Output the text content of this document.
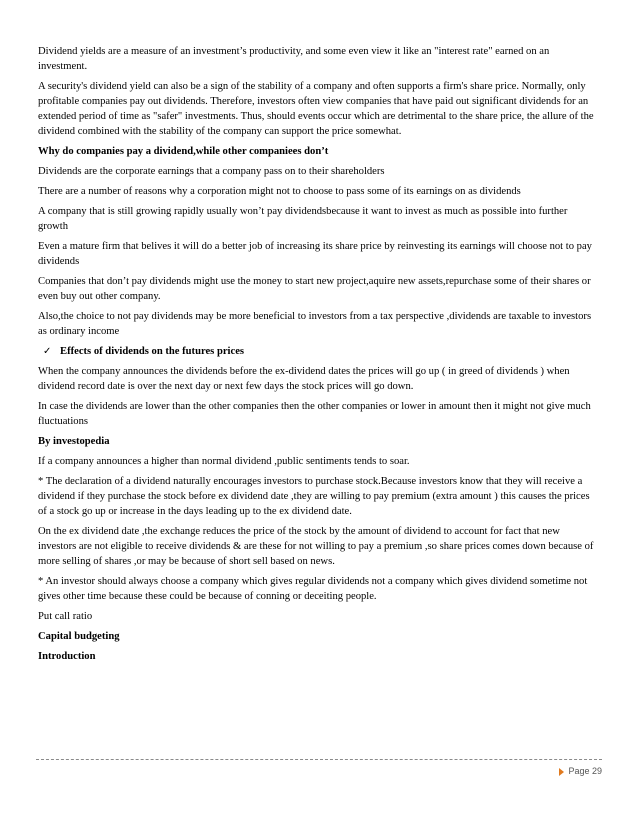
Dividend yields are a measure of an investment’s productivity, and some even view it like an "interest rate" earned on an investment.

A security's dividend yield can also be a sign of the stability of a company and often supports a firm's share price. Normally, only profitable companies pay out dividends. Therefore, investors often view companies that have paid out significant dividends for an extended period of time as "safer" investments. Thus, should events occur which are detrimental to the share price, the allure of the dividend combined with the stability of the company can support the price somewhat.

Why do companies pay a dividend,while other companiees don’t

Dividends are the corporate earnings that a company pass on to their shareholders

There are a number of reasons why a corporation might not to choose to pass some of its earnings on as dividends

A company that is still growing rapidly usually won’t pay dividendsbecause it want to invest as much as possible into further growth

Even a mature firm that belives it will do a better job of increasing its share price by reinvesting its earnings will choose not to pay dividends

Companies that don’t pay dividends might use the money to start new project,aquire new assets,repurchase some of their shares or even buy out other company.

Also,the choice to not pay dividends may be more beneficial to investors from a tax perspective ,dividends are taxable to investors as ordinary income

✓ Effects of dividends on the futures prices

When the company announces the dividends before the ex-dividend dates the prices will go up ( in greed of dividends ) when dividend record date is over the next day or next few days the stock prices will go down.

In case the dividends are lower than the other companies then the other companies or lower in amount then it might not give much fluctuations

By investopedia

If a company announces a higher than normal dividend ,public sentiments tends to soar.

* The declaration of a dividend naturally encourages investors to purchase stock.Because investors know that they will receive a dividend if they purchase the stock before ex dividend date ,they are willing to pay premium (extra amount ) this causes the prices of a stock go up or increase in the days leading up to the ex dividend date.

On the ex dividend date ,the exchange reduces the price of the stock by the amount of dividend to account for fact that new investors are not eligible to receive dividends & are these for not willing to pay a premium ,so share prices comes down because of more selling of shares ,or may be because of short sell based on news.

* An investor should always choose a company which gives regular dividends not a company which gives dividend sometime not gives other time because these could be because of conning or deceiting people.

Put call ratio

Capital budgeting

Introduction

Page 29
